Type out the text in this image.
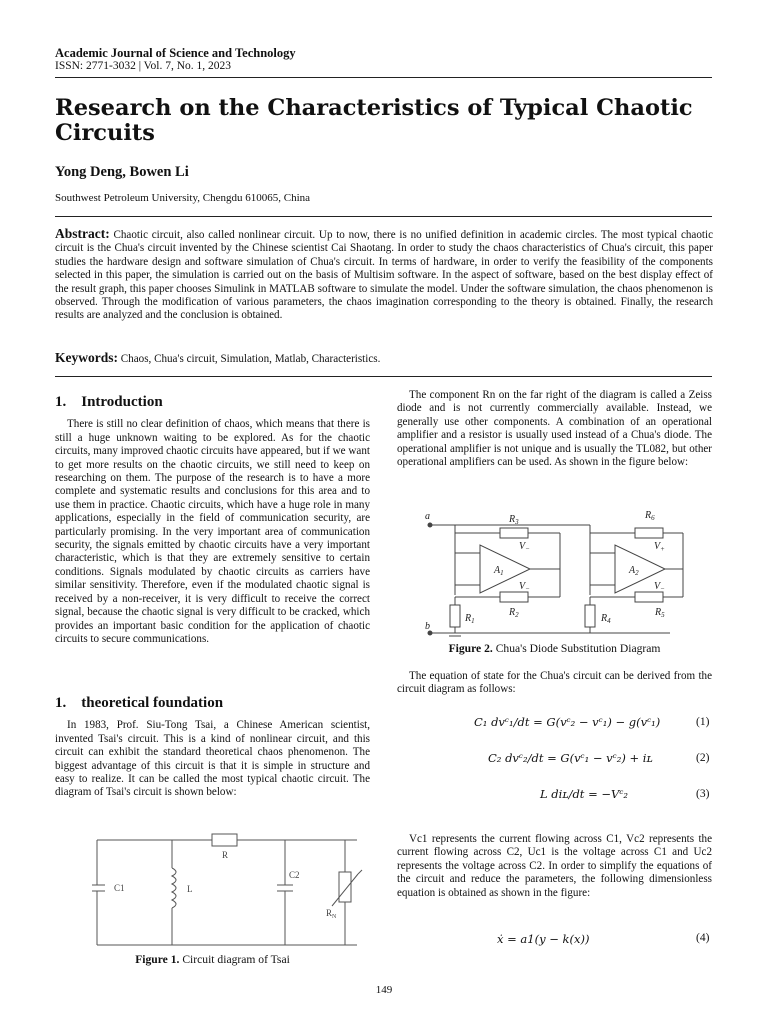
Academic Journal of Science and Technology
ISSN: 2771-3032 | Vol. 7, No. 1, 2023
Research on the Characteristics of Typical Chaotic Circuits
Yong Deng, Bowen Li
Southwest Petroleum University, Chengdu 610065, China
Abstract: Chaotic circuit, also called nonlinear circuit. Up to now, there is no unified definition in academic circles. The most typical chaotic circuit is the Chua's circuit invented by the Chinese scientist Cai Shaotang. In order to study the chaos characteristics of Chua's circuit, this paper studies the hardware design and software simulation of Chua's circuit. In terms of hardware, in order to verify the feasibility of the components selected in this paper, the simulation is carried out on the basis of Multisim software. In the aspect of software, based on the best display effect of the result graph, this paper chooses Simulink in MATLAB software to simulate the model. Under the software simulation, the chaos phenomenon is observed. Through the modification of various parameters, the chaos imagination corresponding to the theory is obtained. Finally, the research results are analyzed and the conclusion is obtained.
Keywords: Chaos, Chua's circuit, Simulation, Matlab, Characteristics.
1. Introduction

There is still no clear definition of chaos, which means that there is still a huge unknown waiting to be explored. As for the chaotic circuits, many improved chaotic circuits have appeared, but if we want to get more results on the chaotic circuits, we still need to keep on researching on them. The purpose of the research is to have a more complete and systematic results and conclusions for this area and to use them in practice. Chaotic circuits, which have a huge role in many applications, especially in the field of communication security, are particularly promising. In the very important area of communication security, the signals emitted by chaotic circuits have a very important characteristic, which is that they are extremely sensitive to certain conditions. Signals modulated by chaotic circuits as carriers have similar sensitivity. Therefore, even if the modulated chaotic signal is received by a non-receiver, it is very difficult to receive the correct signal, because the chaotic signal is very difficult to be cracked, which provides an important basic condition for the application of chaotic circuits to secure communications.

1. theoretical foundation

In 1983, Prof. Siu-Tong Tsai, a Chinese American scientist, invented Tsai's circuit. This is a kind of nonlinear circuit, and this circuit can exhibit the standard theoretical chaos phenomenon. The biggest advantage of this circuit is that it is simple in structure and easy to realize. It can be called the most typical chaotic circuit. The diagram of Tsai's circuit is shown below:

C1	L
R
C2
$R_N$
Figure 1. Circuit diagram of Tsai

The component Rn on the far right of the diagram is called a Zeiss diode and is not currently commercially available. Instead, we generally use other components. A combination of an operational amplifier and a resistor is usually used instead of a Chua's diode. The operational amplifier is not unique and is usually the TL082, but other operational amplifiers can be used. As shown in the figure below:

a
b
$R_3$
$R_2$
$R_1$
$A_1$
$V_-$
$V_-$
$R_6$
$R_5$
$R_4$
$A_2$
$V_+$
$V_-$
Figure 2. Chua's Diode Substitution Diagram

The equation of state for the Chua's circuit can be derived from the circuit diagram as follows:

C₁ dvᶜ₁/dt = G(vᶜ₂ − vᶜ₁) − g(vᶜ₁)	(1)
C₂ dvᶜ₂/dt = G(vᶜ₁ − vᶜ₂) + iʟ	(2)
L diʟ/dt = −Vᶜ₂	(3)

Vc1 represents the current flowing across C1, Vc2 represents the current flowing across C2, Uc1 is the voltage across C1 and Uc2 represents the voltage across C2. In order to simplify the equations of the circuit and reduce the parameters, the following dimensionless equation is obtained as shown in the figure:

ẋ = a1(y − k(x))	(4)
149
